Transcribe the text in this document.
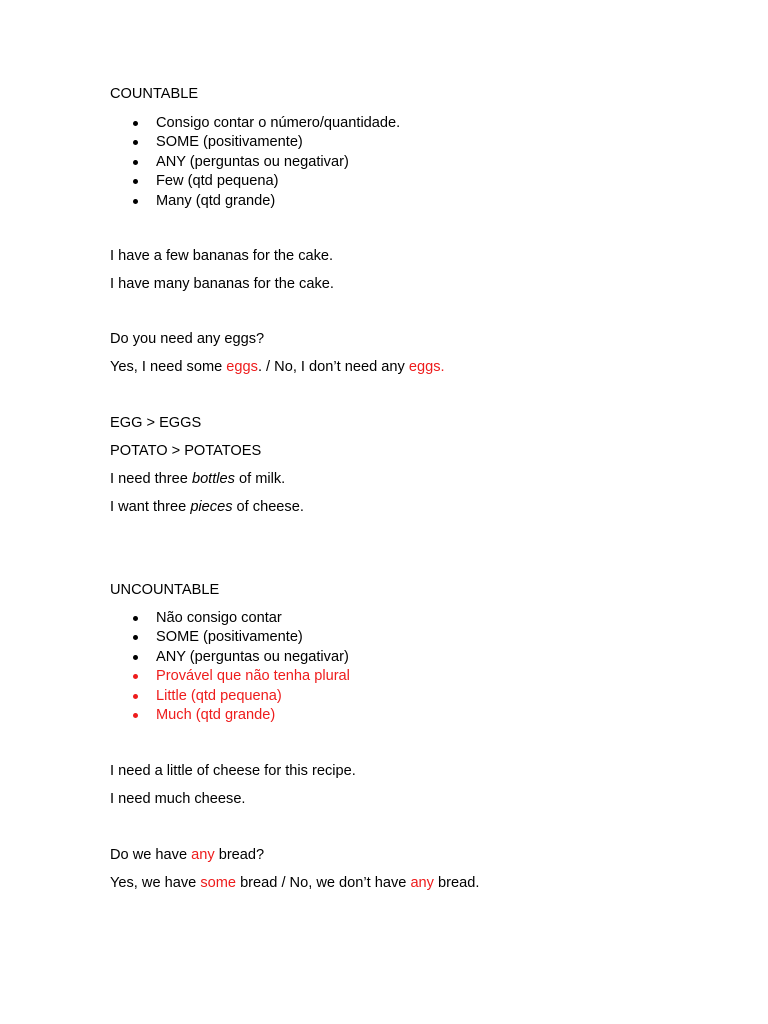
COUNTABLE
Consigo contar o número/quantidade.
SOME (positivamente)
ANY (perguntas ou negativar)
Few (qtd pequena)
Many (qtd grande)
I have a few bananas for the cake.
I have many bananas for the cake.
Do you need any eggs?
Yes, I need some eggs. / No, I don’t need any eggs.
EGG > EGGS
POTATO > POTATOES
I need three bottles of milk.
I want three pieces of cheese.
UNCOUNTABLE
Não consigo contar
SOME (positivamente)
ANY (perguntas ou negativar)
Provável que não tenha plural
Little (qtd pequena)
Much (qtd grande)
I need a little of cheese for this recipe.
I need much cheese.
Do we have any bread?
Yes, we have some bread / No, we don’t have any bread.
